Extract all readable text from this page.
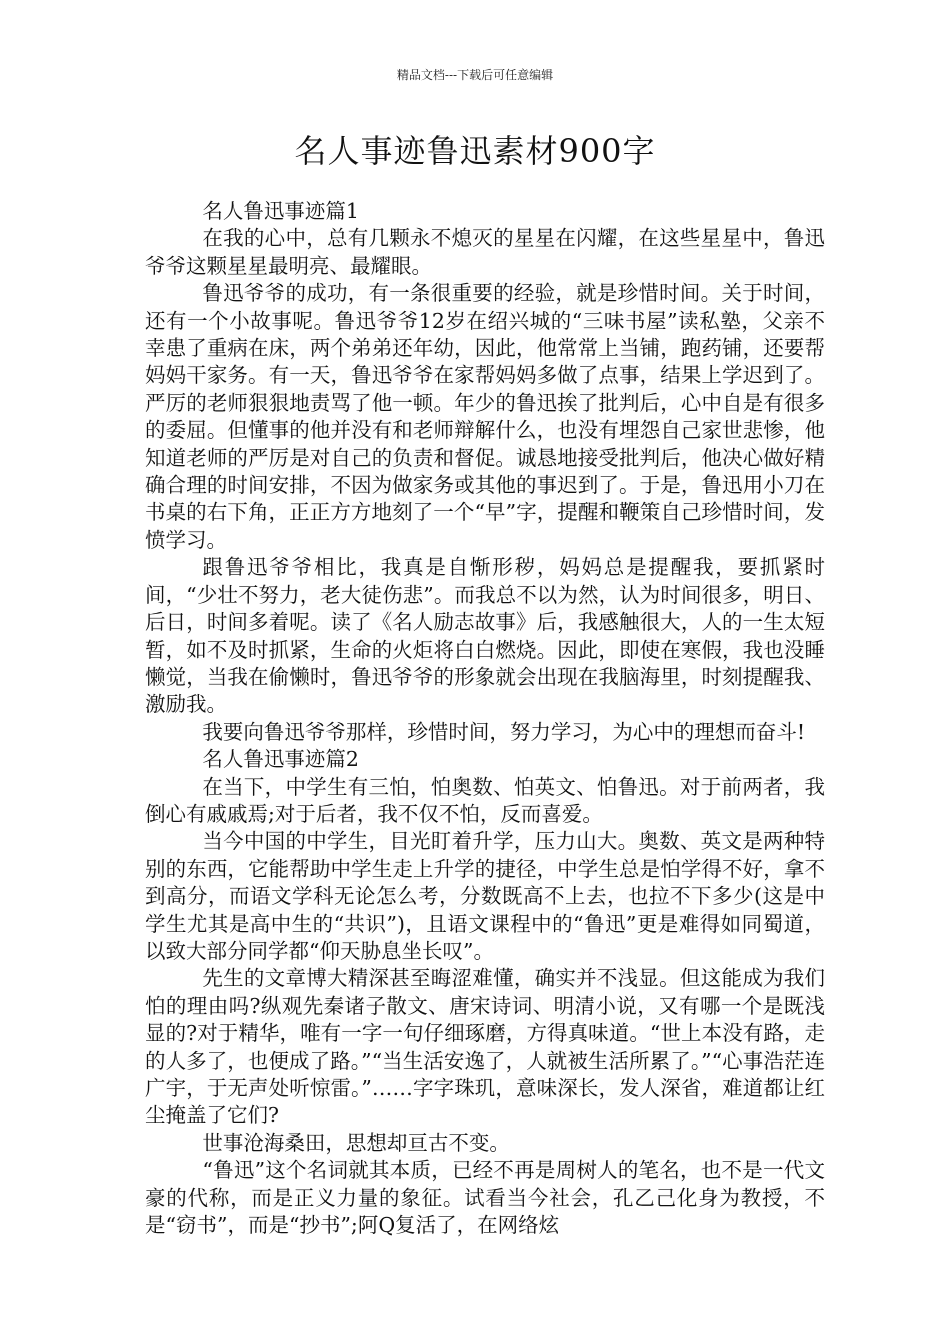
精品文档---下载后可任意编辑
名人事迹鲁迅素材900字

名人鲁迅事迹篇1

在我的心中，总有几颗永不熄灭的星星在闪耀，在这些星星中，鲁迅爷爷这颗星星最明亮、最耀眼。

鲁迅爷爷的成功，有一条很重要的经验，就是珍惜时间。关于时间，还有一个小故事呢。鲁迅爷爷12岁在绍兴城的“三味书屋”读私塾，父亲不幸患了重病在床，两个弟弟还年幼，因此，他常常上当铺，跑药铺，还要帮妈妈干家务。有一天，鲁迅爷爷在家帮妈妈多做了点事，结果上学迟到了。严厉的老师狠狠地责骂了他一顿。年少的鲁迅挨了批判后，心中自是有很多的委屈。但懂事的他并没有和老师辩解什么，也没有埋怨自己家世悲惨，他知道老师的严厉是对自己的负责和督促。诚恳地接受批判后，他决心做好精确合理的时间安排，不因为做家务或其他的事迟到了。于是，鲁迅用小刀在书桌的右下角，正正方方地刻了一个“早”字，提醒和鞭策自己珍惜时间，发愤学习。

跟鲁迅爷爷相比，我真是自惭形秽，妈妈总是提醒我，要抓紧时间，“少壮不努力，老大徒伤悲”。而我总不以为然，认为时间很多，明日、后日，时间多着呢。读了《名人励志故事》后，我感触很大，人的一生太短暂，如不及时抓紧，生命的火炬将白白燃烧。因此，即使在寒假，我也没睡懒觉，当我在偷懒时，鲁迅爷爷的形象就会出现在我脑海里，时刻提醒我、激励我。

我要向鲁迅爷爷那样，珍惜时间，努力学习，为心中的理想而奋斗!

名人鲁迅事迹篇2

在当下，中学生有三怕，怕奥数、怕英文、怕鲁迅。对于前两者，我倒心有戚戚焉;对于后者，我不仅不怕，反而喜爱。

当今中国的中学生，目光盯着升学，压力山大。奥数、英文是两种特别的东西，它能帮助中学生走上升学的捷径，中学生总是怕学得不好，拿不到高分，而语文学科无论怎么考，分数既高不上去，也拉不下多少(这是中学生尤其是高中生的“共识”)，且语文课程中的“鲁迅”更是难得如同蜀道，以致大部分同学都“仰天胁息坐长叹”。

先生的文章博大精深甚至晦涩难懂，确实并不浅显。但这能成为我们怕的理由吗?纵观先秦诸子散文、唐宋诗词、明清小说，又有哪一个是既浅显的?对于精华，唯有一字一句仔细琢磨，方得真味道。“世上本没有路，走的人多了，也便成了路。”“当生活安逸了，人就被生活所累了。”“心事浩茫连广宇，于无声处听惊雷。”……字字珠玑，意味深长，发人深省，难道都让红尘掩盖了它们?

世事沧海桑田，思想却亘古不变。

“鲁迅”这个名词就其本质，已经不再是周树人的笔名，也不是一代文豪的代称，而是正义力量的象征。试看当今社会，孔乙己化身为教授，不是“窃书”，而是“抄书”;阿Q复活了，在网络炫
